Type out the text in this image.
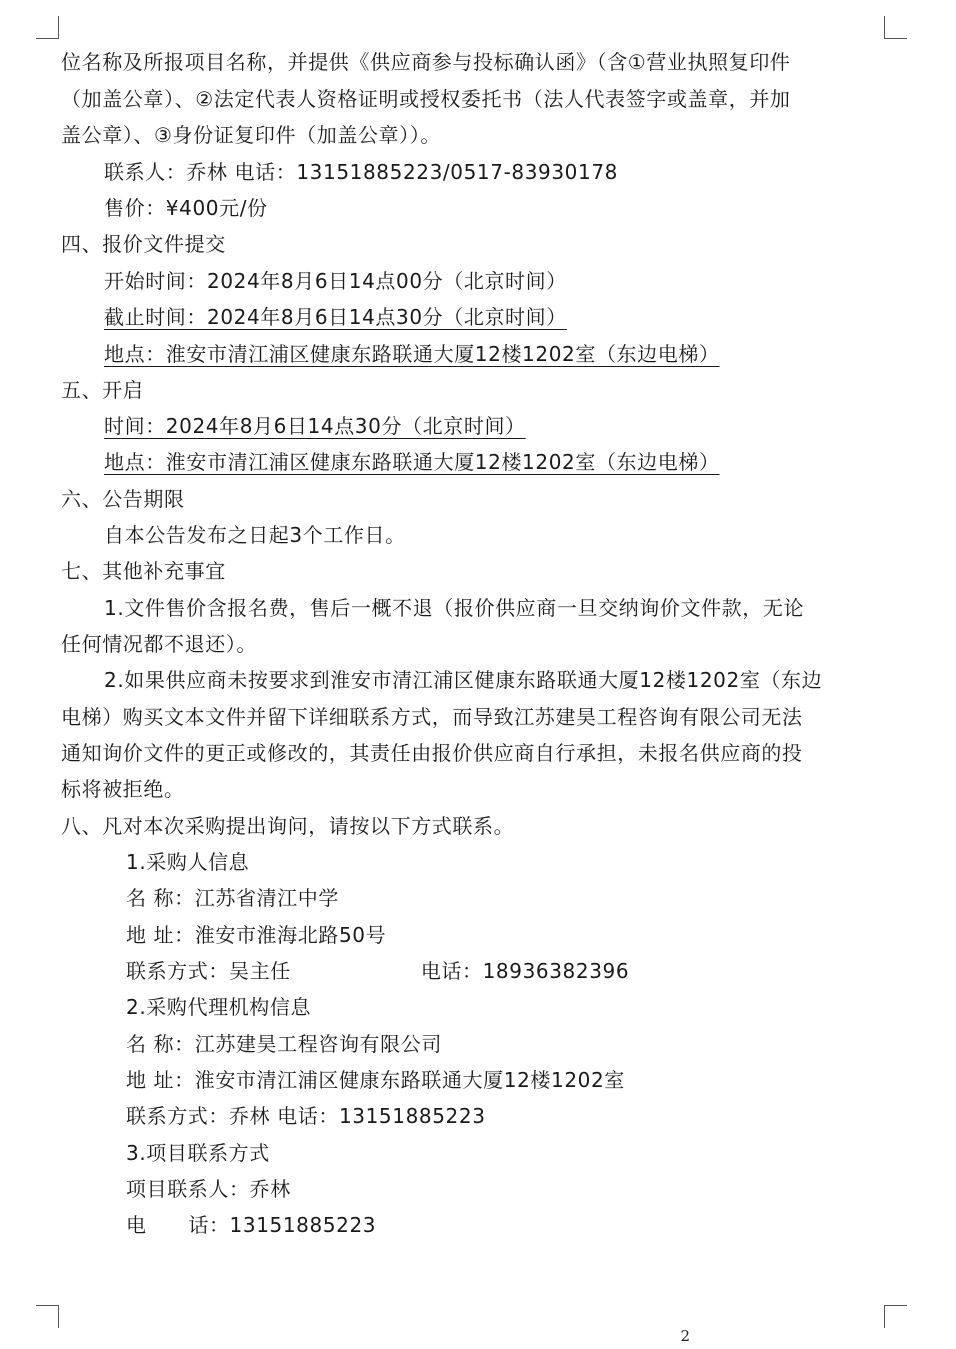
位名称及所报项目名称，并提供《供应商参与投标确认函》（含①营业执照复印件
（加盖公章）、②法定代表人资格证明或授权委托书（法人代表签字或盖章，并加
盖公章）、③身份证复印件（加盖公章））。
联系人：乔林 电话：13151885223/0517-83930178
售价：¥400元/份
四、报价文件提交
开始时间：2024年8月6日14点00分（北京时间）
截止时间：2024年8月6日14点30分（北京时间）
地点：淮安市清江浦区健康东路联通大厦12楼1202室（东边电梯）
五、开启
时间：2024年8月6日14点30分（北京时间）
地点：淮安市清江浦区健康东路联通大厦12楼1202室（东边电梯）
六、公告期限
自本公告发布之日起3个工作日。
七、其他补充事宜
1.文件售价含报名费，售后一概不退（报价供应商一旦交纳询价文件款，无论
任何情况都不退还）。
2.如果供应商未按要求到淮安市清江浦区健康东路联通大厦12楼1202室（东边
电梯）购买文本文件并留下详细联系方式，而导致江苏建昊工程咨询有限公司无法
通知询价文件的更正或修改的，其责任由报价供应商自行承担，未报名供应商的投
标将被拒绝。
八、凡对本次采购提出询问，请按以下方式联系。
1.采购人信息
名 称：江苏省清江中学
地 址：淮安市淮海北路50号
联系方式：吴主任	电话：18936382396
2.采购代理机构信息
名 称：江苏建昊工程咨询有限公司
地 址：淮安市清江浦区健康东路联通大厦12楼1202室
联系方式：乔林 电话：13151885223
3.项目联系方式
项目联系人：乔林
电      话：13151885223
2
